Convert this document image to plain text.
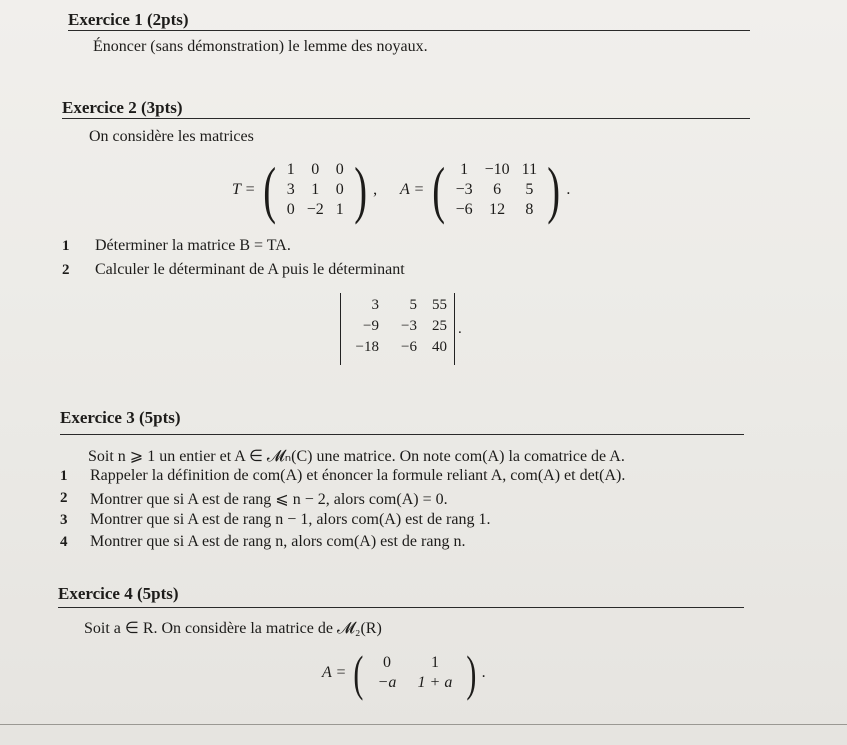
Exercice 1 (2pts)
Énoncer (sans démonstration) le lemme des noyaux.
Exercice 2 (3pts)
On considère les matrices
T = ( 1	0	0
3	1	0
0 −2 1 ) , A = ( 1	−10 11
−3	6	5
−6	12	8 ) .
1 Déterminer la matrice B = TA.
2 Calculer le déterminant de A puis le déterminant
3	5	55
−9	−3	25
−18	−6	40
.
Exercice 3 (5pts)
Soit n ⩾ 1 un entier et A ∈ 𝓜ₙ(C) une matrice. On note com(A) la comatrice de A.
1 Rappeler la définition de com(A) et énoncer la formule reliant A, com(A) et det(A).
2 Montrer que si A est de rang ⩽ n − 2, alors com(A) = 0.
3 Montrer que si A est de rang n − 1, alors com(A) est de rang 1.
4 Montrer que si A est de rang n, alors com(A) est de rang n.
Exercice 4 (5pts)
Soit a ∈ R. On considère la matrice de 𝓜₂(R)
A = (	0	1
−a	1 + a ) .
